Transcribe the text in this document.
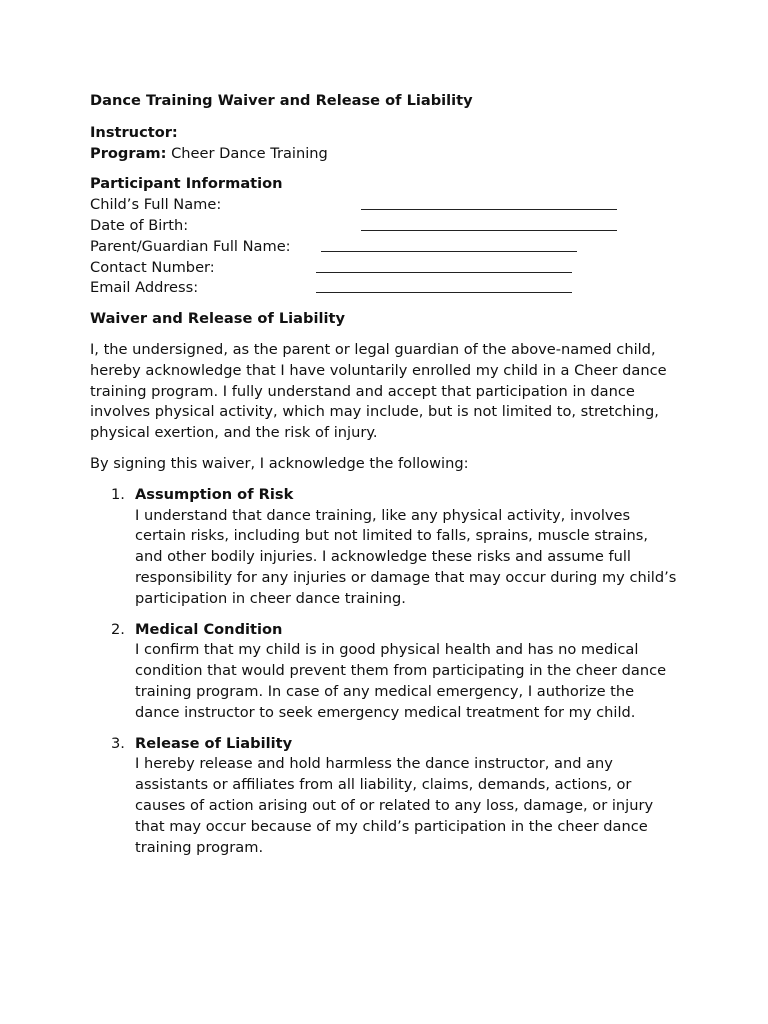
Dance Training Waiver and Release of Liability
Instructor:
Program: Cheer Dance Training
Participant Information
Child’s Full Name:
Date of Birth:
Parent/Guardian Full Name:
Contact Number:
Email Address:
Waiver and Release of Liability
I, the undersigned, as the parent or legal guardian of the above-named child, hereby acknowledge that I have voluntarily enrolled my child in a Cheer dance training program. I fully understand and accept that participation in dance involves physical activity, which may include, but is not limited to, stretching, physical exertion, and the risk of injury.
By signing this waiver, I acknowledge the following:
1. Assumption of Risk
I understand that dance training, like any physical activity, involves certain risks, including but not limited to falls, sprains, muscle strains, and other bodily injuries. I acknowledge these risks and assume full responsibility for any injuries or damage that may occur during my child’s participation in cheer dance training.
2. Medical Condition
I confirm that my child is in good physical health and has no medical condition that would prevent them from participating in the cheer dance training program. In case of any medical emergency, I authorize the dance instructor to seek emergency medical treatment for my child.
3. Release of Liability
I hereby release and hold harmless the dance instructor, and any assistants or affiliates from all liability, claims, demands, actions, or causes of action arising out of or related to any loss, damage, or injury that may occur because of my child’s participation in the cheer dance training program.
